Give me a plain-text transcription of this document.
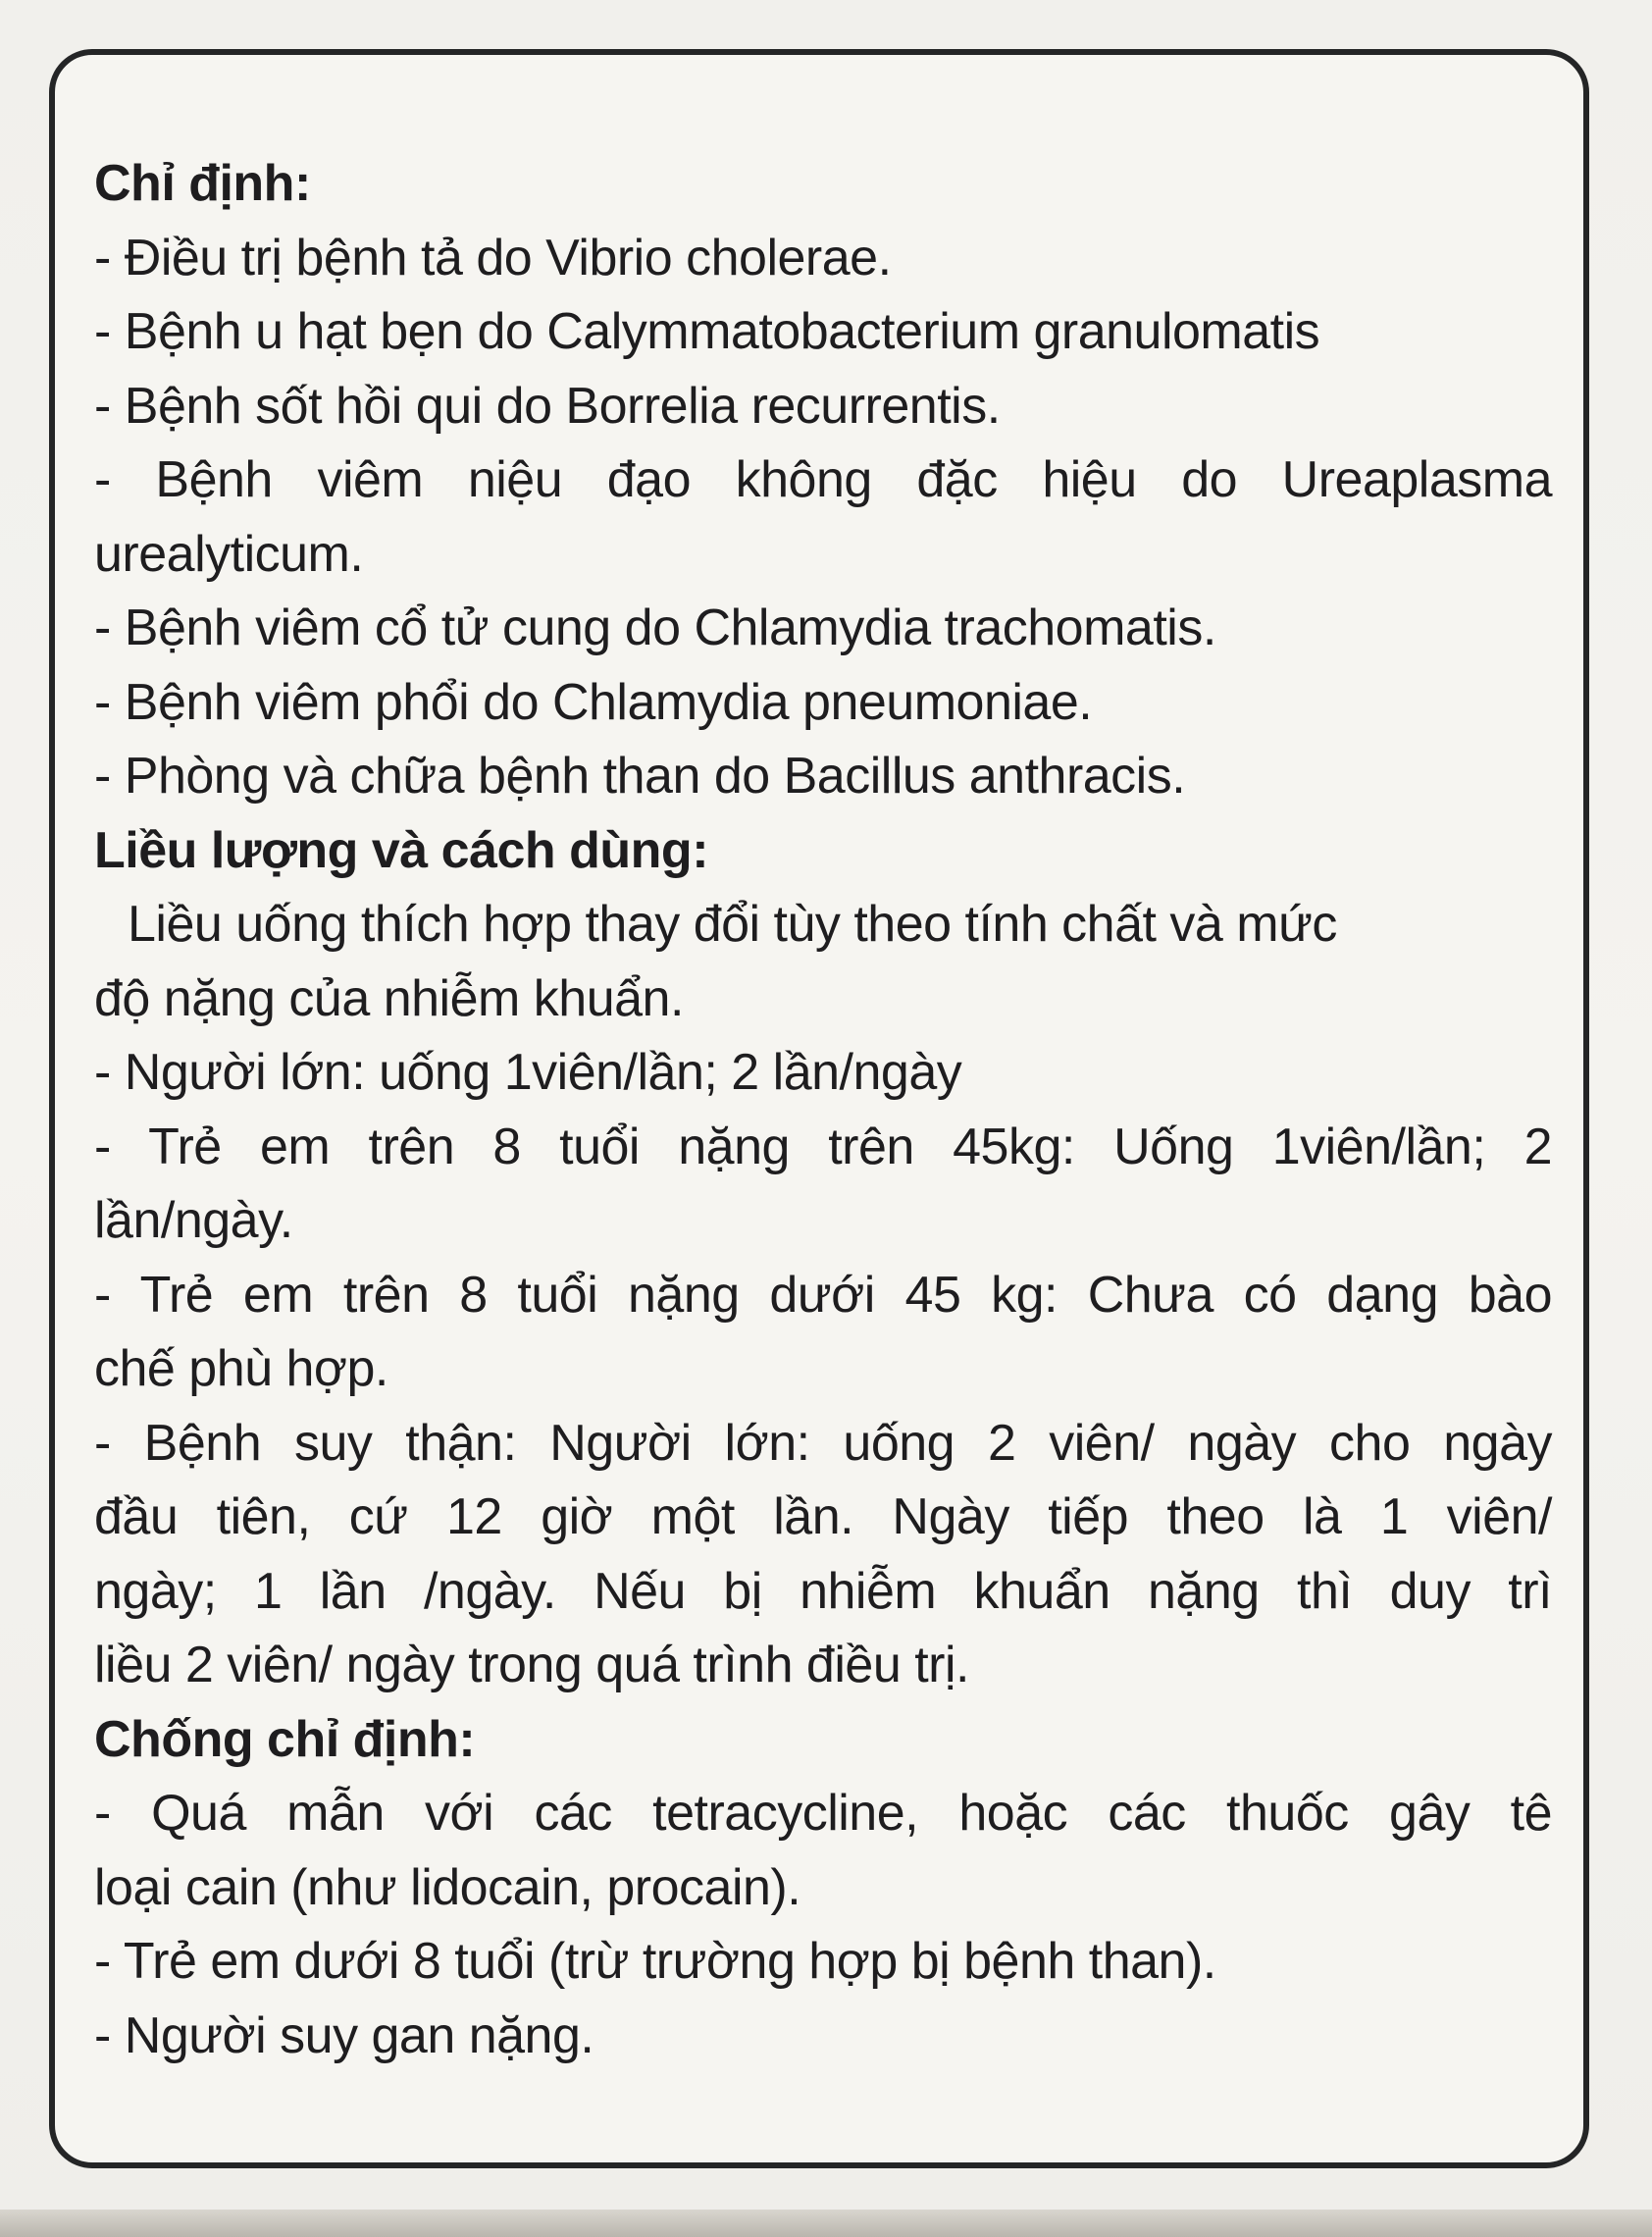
Chỉ định:
- Điều trị bệnh tả do Vibrio cholerae.
- Bệnh u hạt bẹn do Calymmatobacterium granulomatis
- Bệnh sốt hồi qui do Borrelia recurrentis.
- Bệnh viêm niệu đạo không đặc hiệu do Ureaplasma
urealyticum.
- Bệnh viêm cổ tử cung do Chlamydia trachomatis.
- Bệnh viêm phổi do Chlamydia pneumoniae.
- Phòng và chữa bệnh than do Bacillus anthracis.
Liều lượng và cách dùng:
Liều uống thích hợp thay đổi tùy theo tính chất và mức
độ nặng của nhiễm khuẩn.
- Người lớn: uống 1viên/lần; 2 lần/ngày
- Trẻ em trên 8 tuổi nặng trên 45kg: Uống 1viên/lần; 2
lần/ngày.
- Trẻ em trên 8 tuổi nặng dưới 45 kg: Chưa có dạng bào
chế phù hợp.
- Bệnh suy thận: Người lớn: uống 2 viên/ ngày cho ngày
đầu tiên, cứ 12 giờ một lần. Ngày tiếp theo là 1 viên/
ngày; 1 lần /ngày. Nếu bị nhiễm khuẩn nặng thì duy trì
liều 2 viên/ ngày trong quá trình điều trị.
Chống chỉ định:
- Quá mẫn với các tetracycline, hoặc các thuốc gây tê
loại cain (như lidocain, procain).
- Trẻ em dưới 8 tuổi (trừ trường hợp bị bệnh than).
- Người suy gan nặng.
